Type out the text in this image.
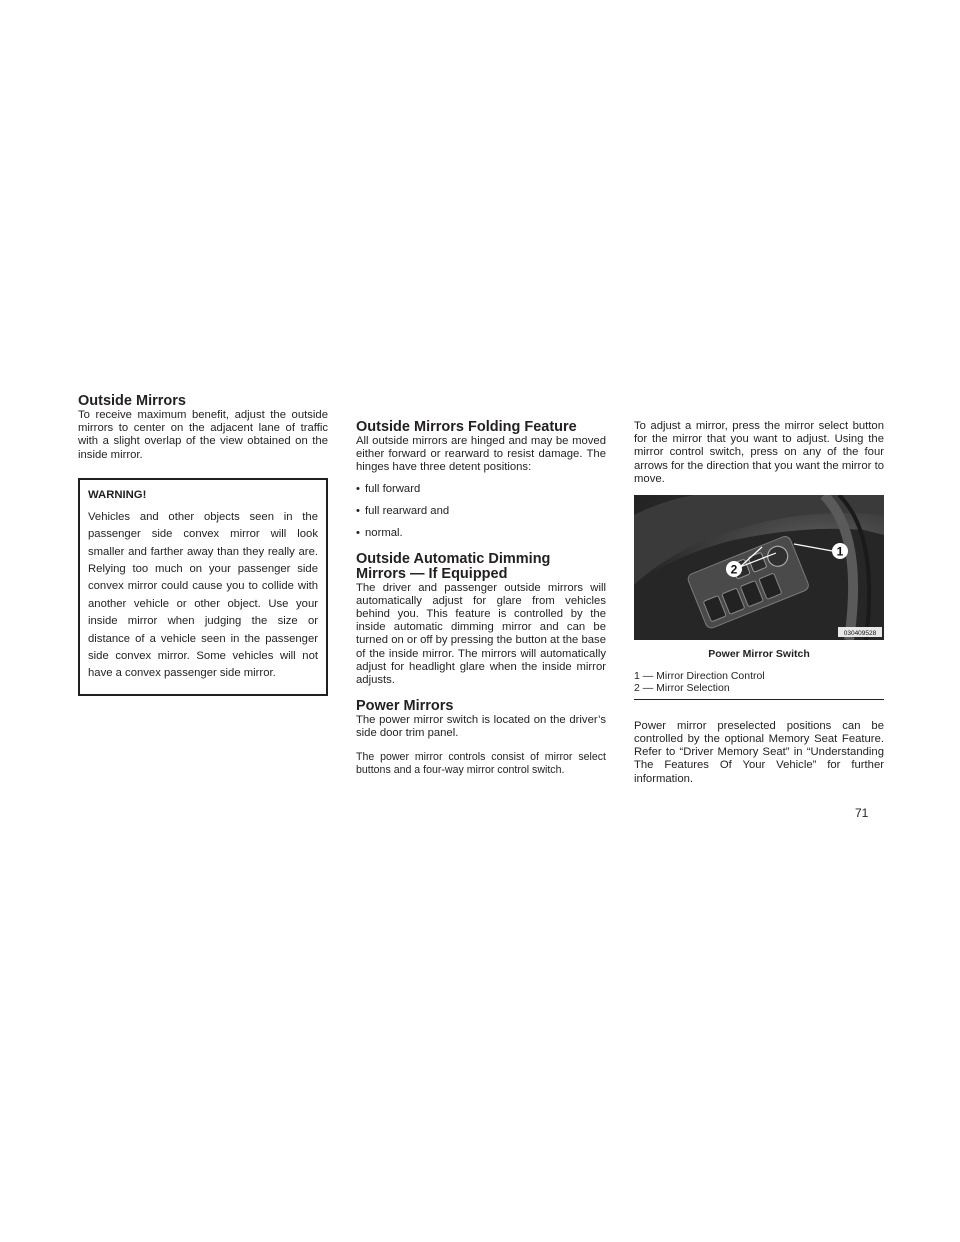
Outside Mirrors

To receive maximum benefit, adjust the outside mirrors to center on the adjacent lane of traffic with a slight overlap of the view obtained on the inside mirror.

WARNING!
Vehicles and other objects seen in the passenger side convex mirror will look smaller and farther away than they really are. Relying too much on your passenger side convex mirror could cause you to collide with another vehicle or other object. Use your inside mirror when judging the size or distance of a vehicle seen in the passenger side convex mirror. Some vehicles will not have a convex passenger side mirror.
Outside Mirrors Folding Feature

All outside mirrors are hinged and may be moved either forward or rearward to resist damage. The hinges have three detent positions:

• full forward
• full rearward and
• normal.
Outside Automatic Dimming
Mirrors — If Equipped

The driver and passenger outside mirrors will automatically adjust for glare from vehicles behind you. This feature is controlled by the inside automatic dimming mirror and can be turned on or off by pressing the button at the base of the inside mirror. The mirrors will automatically adjust for headlight glare when the inside mirror adjusts.

Power Mirrors

The power mirror switch is located on the driver’s side door trim panel.

The power mirror controls consist of mirror select buttons and a four-way mirror control switch.

To adjust a mirror, press the mirror select button for the mirror that you want to adjust. Using the mirror control switch, press on any of the four arrows for the direction that you want the mirror to move.

1
2
030409528
Power Mirror Switch
1 — Mirror Direction Control
2 — Mirror Selection

Power mirror preselected positions can be controlled by the optional Memory Seat Feature. Refer to “Driver Memory Seat” in “Understanding The Features Of Your Vehicle” for further information.

71
